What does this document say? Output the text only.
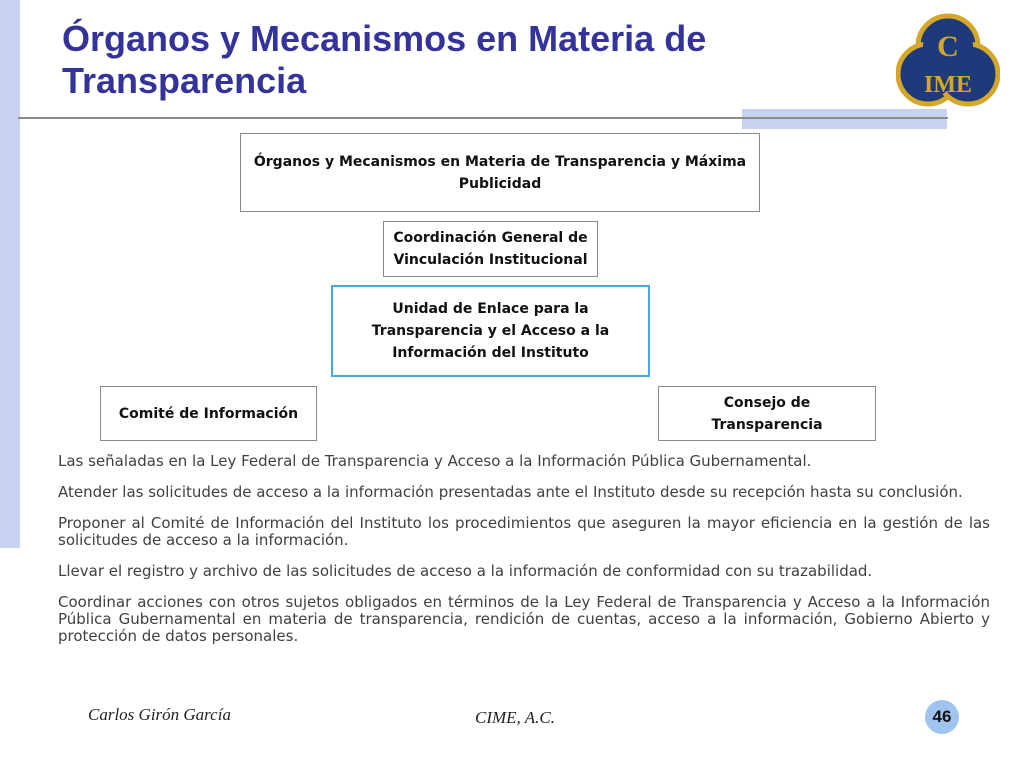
Órganos y Mecanismos en Materia de Transparencia
C
IME
Órganos y Mecanismos en Materia de Transparencia y Máxima Publicidad
Coordinación General de Vinculación Institucional
Unidad de Enlace para la Transparencia y el Acceso a la Información del Instituto
Comité de Información
Consejo de Transparencia
Las señaladas en la Ley Federal de Transparencia y Acceso a la Información Pública Gubernamental.
Atender las solicitudes de acceso a la información presentadas ante el Instituto desde su recepción hasta su conclusión.
Proponer al Comité de Información del Instituto los procedimientos que aseguren la mayor eficiencia en la gestión de las solicitudes de acceso a la información.
Llevar el registro y archivo de las solicitudes de acceso a la información de conformidad con su trazabilidad.
Coordinar acciones con otros sujetos obligados en términos de la Ley Federal de Transparencia y Acceso a la Información Pública Gubernamental en materia de transparencia, rendición de cuentas, acceso a la información, Gobierno Abierto y protección de datos personales.
Carlos Girón García	CIME, A.C.	46
